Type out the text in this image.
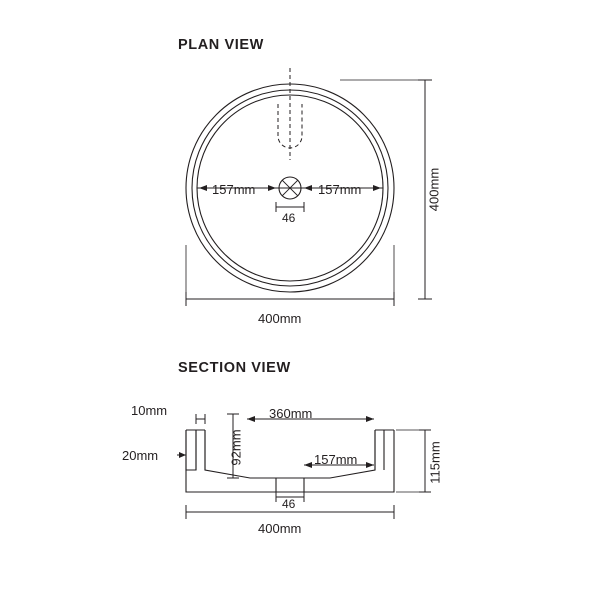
PLAN VIEW
SECTION VIEW
157mm	157mm
46
400mm
400mm
10mm
20mm	92mm
360mm
157mm
46
400mm
115mm
